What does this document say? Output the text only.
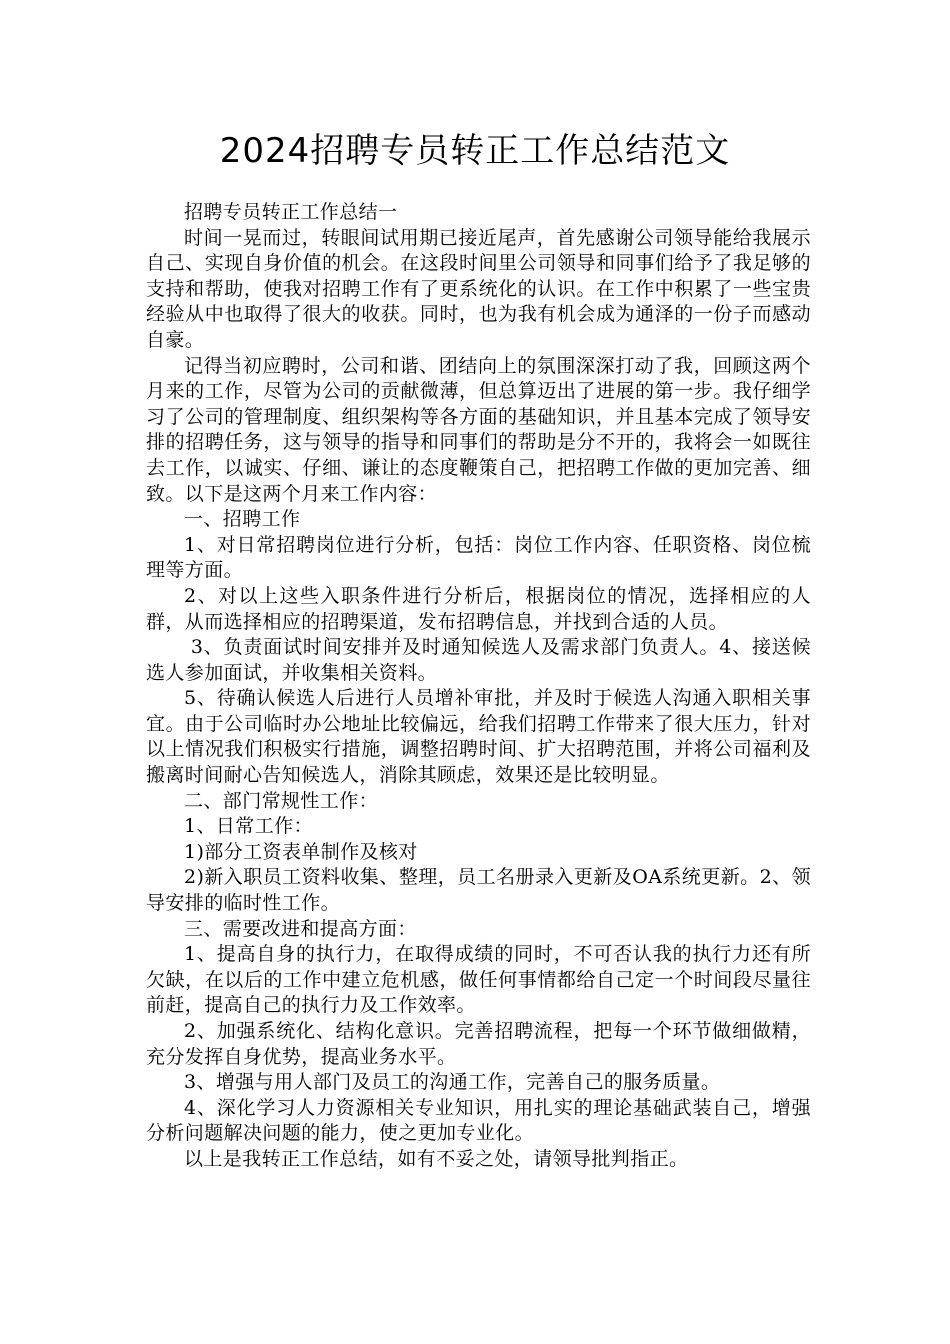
2024招聘专员转正工作总结范文

招聘专员转正工作总结一

时间一晃而过，转眼间试用期已接近尾声，首先感谢公司领导能给我展示自己、实现自身价值的机会。在这段时间里公司领导和同事们给予了我足够的支持和帮助，使我对招聘工作有了更系统化的认识。在工作中积累了一些宝贵经验从中也取得了很大的收获。同时，也为我有机会成为通泽的一份子而感动自豪。

记得当初应聘时，公司和谐、团结向上的氛围深深打动了我，回顾这两个月来的工作，尽管为公司的贡献微薄，但总算迈出了进展的第一步。我仔细学习了公司的管理制度、组织架构等各方面的基础知识，并且基本完成了领导安排的招聘任务，这与领导的指导和同事们的帮助是分不开的，我将会一如既往去工作，以诚实、仔细、谦让的态度鞭策自己，把招聘工作做的更加完善、细致。以下是这两个月来工作内容：

一、招聘工作

1、对日常招聘岗位进行分析，包括：岗位工作内容、任职资格、岗位梳理等方面。

2、对以上这些入职条件进行分析后，根据岗位的情况，选择相应的人群，从而选择相应的招聘渠道，发布招聘信息，并找到合适的人员。

3、负责面试时间安排并及时通知候选人及需求部门负责人。4、接送候选人参加面试，并收集相关资料。

5、待确认候选人后进行人员增补审批，并及时于候选人沟通入职相关事宜。由于公司临时办公地址比较偏远，给我们招聘工作带来了很大压力，针对以上情况我们积极实行措施，调整招聘时间、扩大招聘范围，并将公司福利及搬离时间耐心告知候选人，消除其顾虑，效果还是比较明显。

二、部门常规性工作：

1、日常工作：

1)部分工资表单制作及核对

2)新入职员工资料收集、整理，员工名册录入更新及OA系统更新。2、领导安排的临时性工作。

三、需要改进和提高方面：

1、提高自身的执行力，在取得成绩的同时，不可否认我的执行力还有所欠缺，在以后的工作中建立危机感，做任何事情都给自己定一个时间段尽量往前赶，提高自己的执行力及工作效率。

2、加强系统化、结构化意识。完善招聘流程，把每一个环节做细做精，充分发挥自身优势，提高业务水平。

3、增强与用人部门及员工的沟通工作，完善自己的服务质量。

4、深化学习人力资源相关专业知识，用扎实的理论基础武装自己，增强分析问题解决问题的能力，使之更加专业化。

以上是我转正工作总结，如有不妥之处，请领导批判指正。
